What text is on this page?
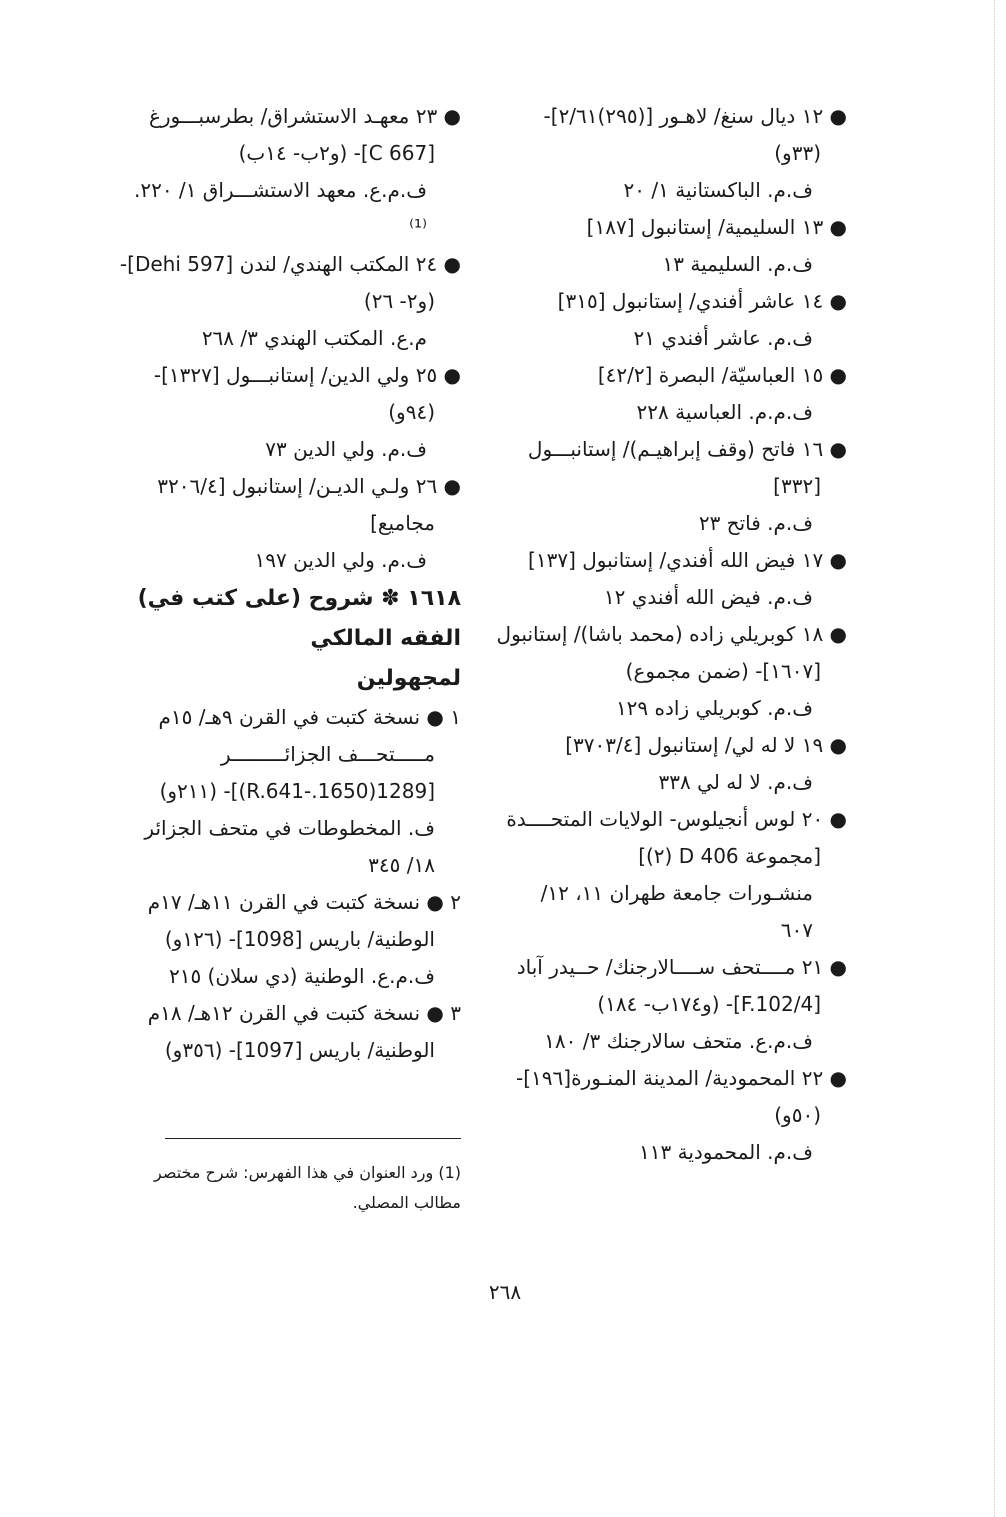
● ١٢ ديال سنغ/ لاهـور [(٢٩٥)٢/٦١]-
(٣٣و)
ف.م. الباكستانية ١/ ٢٠
● ١٣ السليمية/ إستانبول [١٨٧]
ف.م. السليمية ١٣
● ١٤ عاشر أفندي/ إستانبول [٣١٥]
ف.م. عاشر أفندي ٢١
● ١٥ العباسيّة/ البصرة [٤٢/٢]
ف.م.م. العباسية ٢٢٨
● ١٦ فاتح (وقف إبراهيـم)/ إستانبـــول
[٣٣٢]
ف.م. فاتح ٢٣
● ١٧ فيض الله أفندي/ إستانبول [١٣٧]
ف.م. فيض الله أفندي ١٢
● ١٨ كوبريلي زاده (محمد باشا)/ إستانبول
[١٦٠٧]- (ضمن مجموع)
ف.م. كوبريلي زاده ١٢٩
● ١٩ لا له لي/ إستانبول [٣٧٠٣/٤]
ف.م. لا له لي ٣٣٨
● ٢٠ لوس أنجيلوس- الولايات المتحــــدة
[مجموعة D 406 (٢)]
منشـورات جامعة طهران ١١، ١٢/ ٦٠٧
● ٢١ مــــتحف ســــالارجنك/ حــيدر آباد
[F.102/4]- (و١٧٤ب- ١٨٤)
ف.م.ع. متحف سالارجنك ٣/ ١٨٠
● ٢٢ المحمودية/ المدينة المنـورة[١٩٦]-
(٥٠و)
ف.م. المحمودية ١١٣
● ٢٣ معهـد الاستشراق/ بطرسبـــورغ
[C 667]- (و٢ب- ١٤ب)
ف.م.ع. معهد الاستشـــراق ١/ ٢٢٠.⁽¹⁾
● ٢٤ المكتب الهندي/ لندن [Dehi 597]-
(و٢- ٢٦)
م.ع. المكتب الهندي ٣/ ٢٦٨
● ٢٥ ولي الدين/ إستانبـــول [١٣٢٧]-
(٩٤و)
ف.م. ولي الدين ٧٣
● ٢٦ ولـي الديـن/ إستانبول [٣٢٠٦/٤
مجاميع]
ف.م. ولي الدين ١٩٧
١٦١٨ ✽ شروح (على كتب في) الفقه المالكي
لمجهولين
١ ● نسخة كتبت في القرن ٩هـ/ ١٥م
مـــــتحـــف الجزائـــــــــر
[1289(1650.-R.641)]- (٢١١و)
ف. المخطوطات في متحف الجزائر ١٨/ ٣٤٥
٢ ● نسخة كتبت في القرن ١١هـ/ ١٧م
الوطنية/ باريس [1098]- (١٢٦و)
ف.م.ع. الوطنية (دي سلان) ٢١٥
٣ ● نسخة كتبت في القرن ١٢هـ/ ١٨م
الوطنية/ باريس [1097]- (٣٥٦و)
(1) ورد العنوان في هذا الفهرس: شرح مختصر مطالب المصلي.
٢٦٨
